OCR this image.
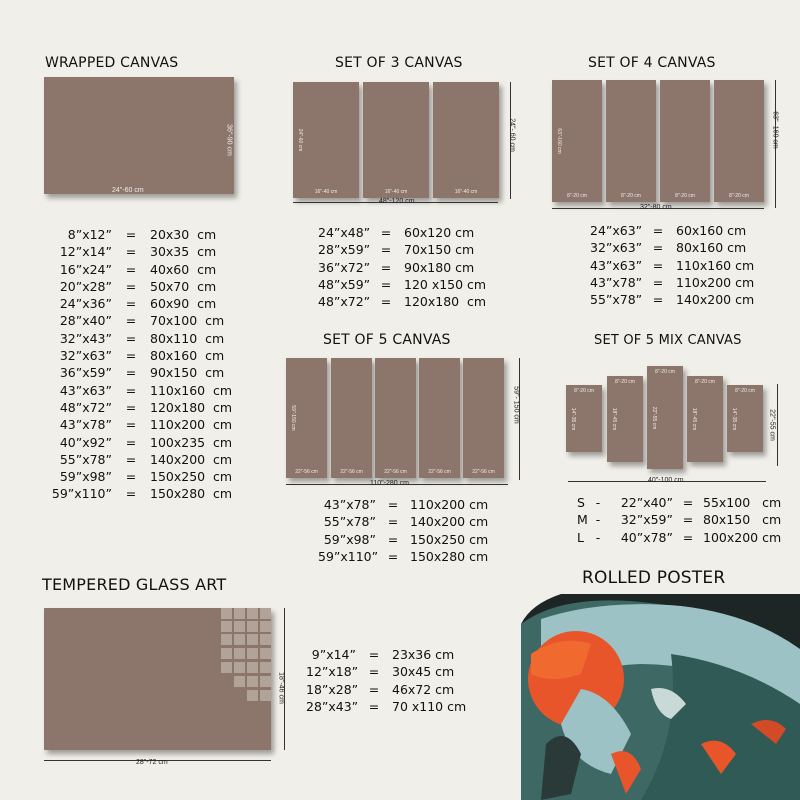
WRAPPED CANVAS
24"-60 cm
36"-90 cm
8”x12”	=	20x30  cm
12”x14”	=	30x35  cm
16”x24”	=	40x60  cm
20”x28”	=	50x70  cm
24”x36”	=	60x90  cm
28”x40”	=	70x100  cm
32”x43”	=	80x110  cm
32”x63”	=	80x160  cm
36”x59”	=	90x150  cm
43”x63”	=	110x160  cm
48”x72”	=	120x180  cm
43”x78”	=	110x200  cm
40”x92”	=	100x235  cm
55”x78”	=	140x200  cm
59”x98”	=	150x250  cm
59”x110”	=	150x280  cm
SET OF 3 CANVAS
16"-40 cm
24"-60 cm
16"-40 cm	16"-40 cm
48"-120 cm
24"- 60 cm
24”x48” =	60x120 cm
28”x59” =	70x150 cm
36”x72” =	90x180 cm
48”x59” =	120 x150 cm
48”x72” =	120x180  cm
SET OF 4 CANVAS
8"-20 cm
63"-160 cm
8"-20 cm	8"-20 cm	8"-20 cm
32"-80 cm
63"- 160 cm
24”x63” =	60x160 cm
32”x63” =	80x160 cm
43”x63” =	110x160 cm
43”x78” =	110x200 cm
55”x78” =	140x200 cm
SET OF 5 CANVAS
22"-56 cm
59"-150 cm
22"-56 cm	22"-56 cm	22"-56 cm	22"-56 cm
110"-280 cm
59"- 150 cm
43”x78” = 110x200 cm
55”x78” = 140x200 cm
59”x98” = 150x250 cm
59”x110” = 150x280 cm
SET OF 5 MIX CANVAS
8"-20 cm
14"-35 cm
8"-20 cm
18"-45 cm
8"-20 cm
22"-55 cm
8"-20 cm
18"-45 cm
8"-20 cm
14"-35 cm
40"-100 cm
22"-55 cm
S -	22”x40” = 55x100   cm
M -	32”x59” = 80x150   cm
L -	40”x78” = 100x200 cm
TEMPERED GLASS ART
28"-72 cm
18"-46 cm
9”x14”	=	23x36 cm
12”x18” =	30x45 cm
18”x28” =	46x72 cm
28”x43” =	70 x110 cm
ROLLED POSTER
